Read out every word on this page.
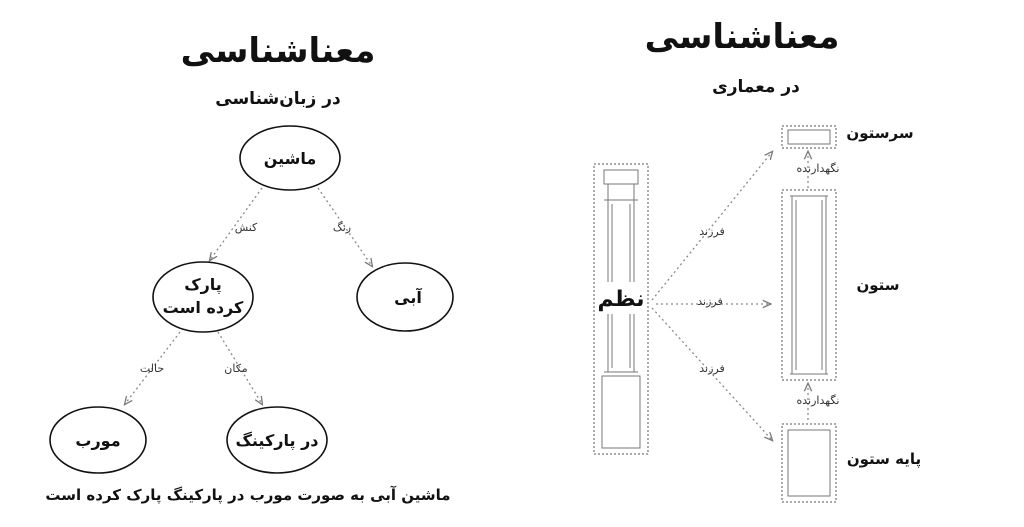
معناشناسی
در زبان‌شناسی
کنش	رنگ
حالت	مکان
ماشین
پارک
کرده است
آبی
مورب	در پارکینگ
ماشین آبی به صورت مورب در پارکینگ پارک کرده است
معناشناسی
در معماری
نظم
فرزند
فرزند
فرزند
سرستون
نگهدارنده
ستون
نگهدارنده
پایه ستون
